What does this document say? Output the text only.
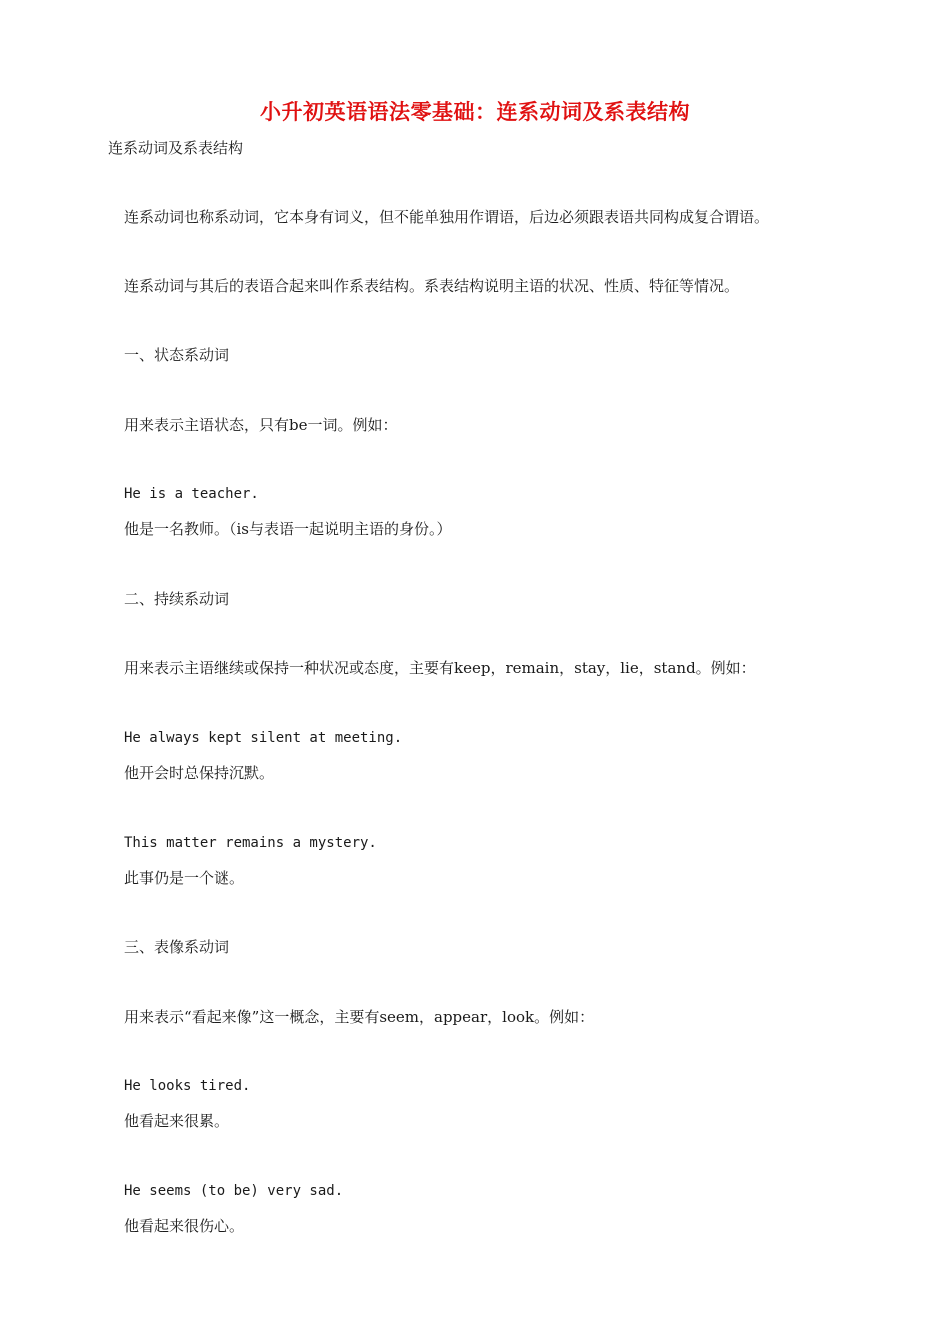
小升初英语语法零基础：连系动词及系表结构
连系动词及系表结构
连系动词也称系动词，它本身有词义，但不能单独用作谓语，后边必须跟表语共同构成复合谓语。
连系动词与其后的表语合起来叫作系表结构。系表结构说明主语的状况、性质、特征等情况。
一、状态系动词
用来表示主语状态，只有be一词。例如：
He is a teacher.
他是一名教师。（is与表语一起说明主语的身份。）
二、持续系动词
用来表示主语继续或保持一种状况或态度，主要有keep，remain，stay，lie，stand。例如：
He always kept silent at meeting.
他开会时总保持沉默。
This matter remains a mystery.
此事仍是一个谜。
三、表像系动词
用来表示“看起来像”这一概念，主要有seem，appear，look。例如：
He looks tired.
他看起来很累。
He seems (to be) very sad.
他看起来很伤心。
